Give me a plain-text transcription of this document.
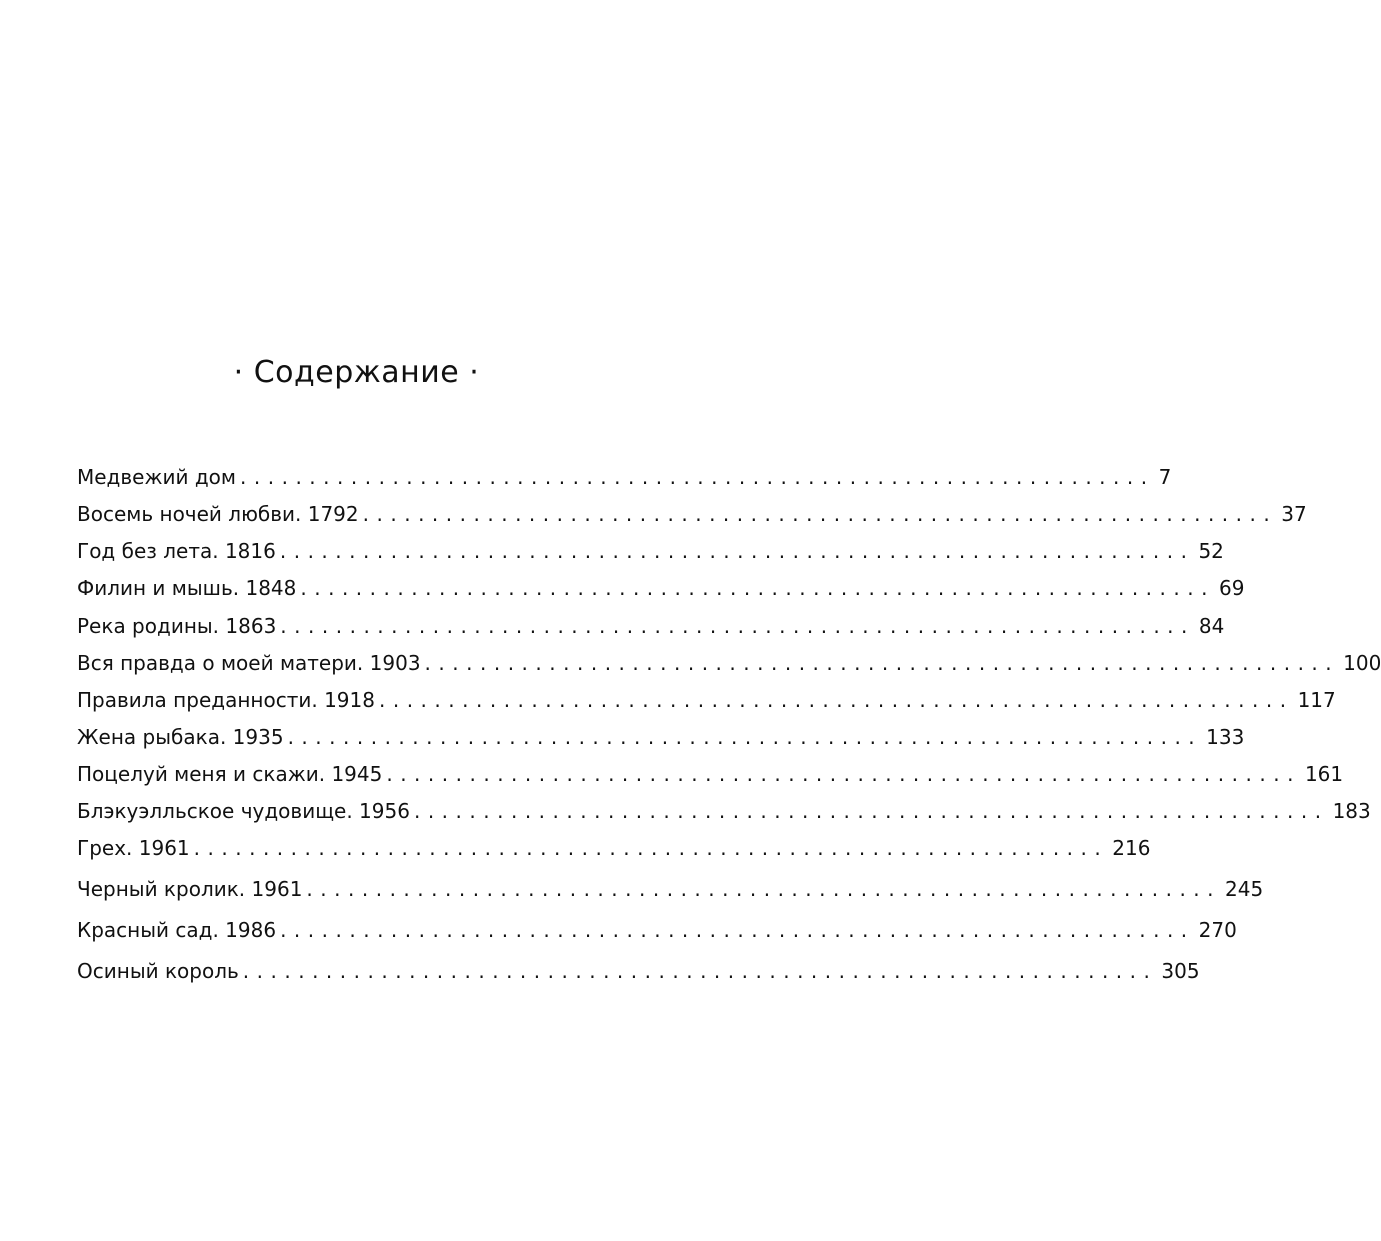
· Содержание ·
Медвежий дом .................................................................. 7
Восемь ночей любви. 1792 .................................................................. 37
Год без лета. 1816 .................................................................. 52
Филин и мышь. 1848 .................................................................. 69
Река родины. 1863 .................................................................. 84
Вся правда о моей матери. 1903 .................................................................. 100
Правила преданности. 1918 .................................................................. 117
Жена рыбака. 1935 .................................................................. 133
Поцелуй меня и скажи. 1945 .................................................................. 161
Блэкуэлльское чудовище. 1956 .................................................................. 183
Грех. 1961 .................................................................. 216
Черный кролик. 1961 .................................................................. 245
Красный сад. 1986 .................................................................. 270
Осиный король .................................................................. 305
